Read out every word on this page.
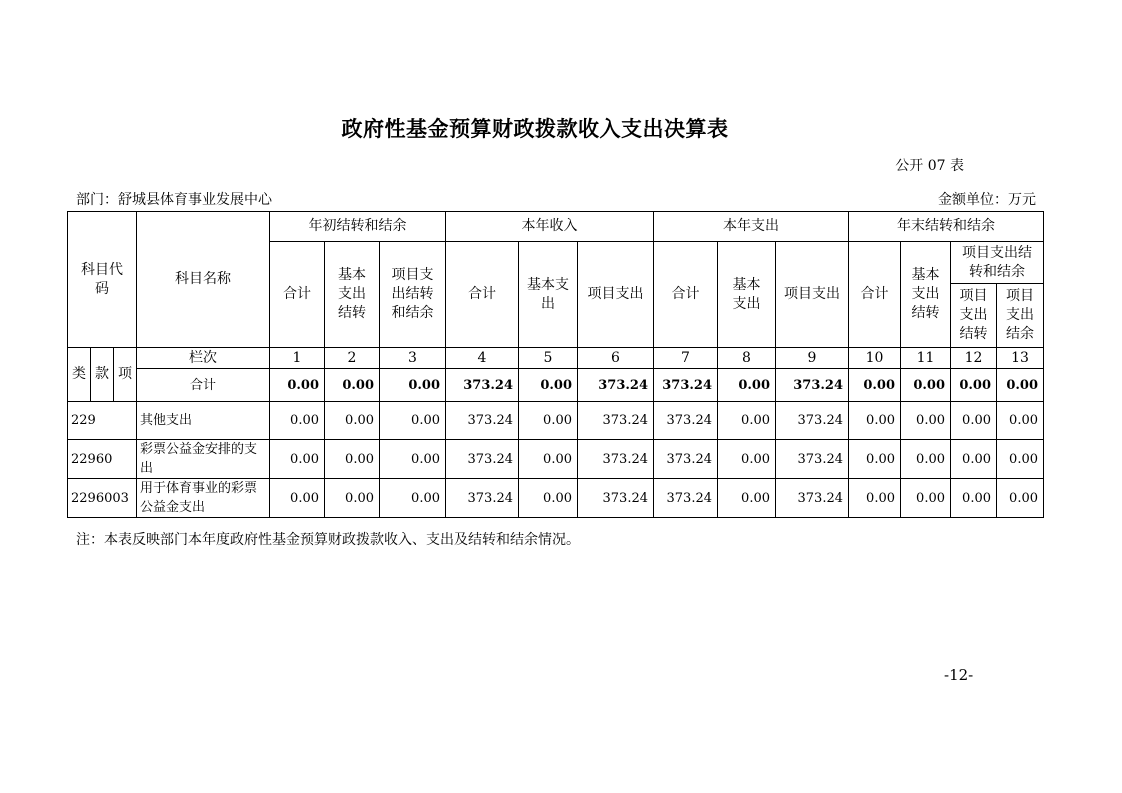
政府性基金预算财政拨款收入支出决算表
公开 07 表
部门：舒城县体育事业发展中心	金额单位：万元
科目代码			科目名称	年初结转和结余			本年收入			本年支出			年末结转和结余			
				合计	基本支出结转	项目支出结转和结余	合计	基本支出	项目支出	合计	基本支出	项目支出	合计	基本支出结转	项目支出结转和结余	
															项目支出结转	项目支出结余
类	款	项	栏次	1	2	3	4	5	6	7	8	9	10	11	12	13
			合计	0.00	0.00	0.00	373.24	0.00	373.24	373.24	0.00	373.24	0.00	0.00	0.00	0.00
229			其他支出	0.00	0.00	0.00	373.24	0.00	373.24	373.24	0.00	373.24	0.00	0.00	0.00	0.00
22960			彩票公益金安排的支出	0.00	0.00	0.00	373.24	0.00	373.24	373.24	0.00	373.24	0.00	0.00	0.00	0.00
2296003			用于体育事业的彩票公益金支出	0.00	0.00	0.00	373.24	0.00	373.24	373.24	0.00	373.24	0.00	0.00	0.00	0.00
注：本表反映部门本年度政府性基金预算财政拨款收入、支出及结转和结余情况。
-12-
